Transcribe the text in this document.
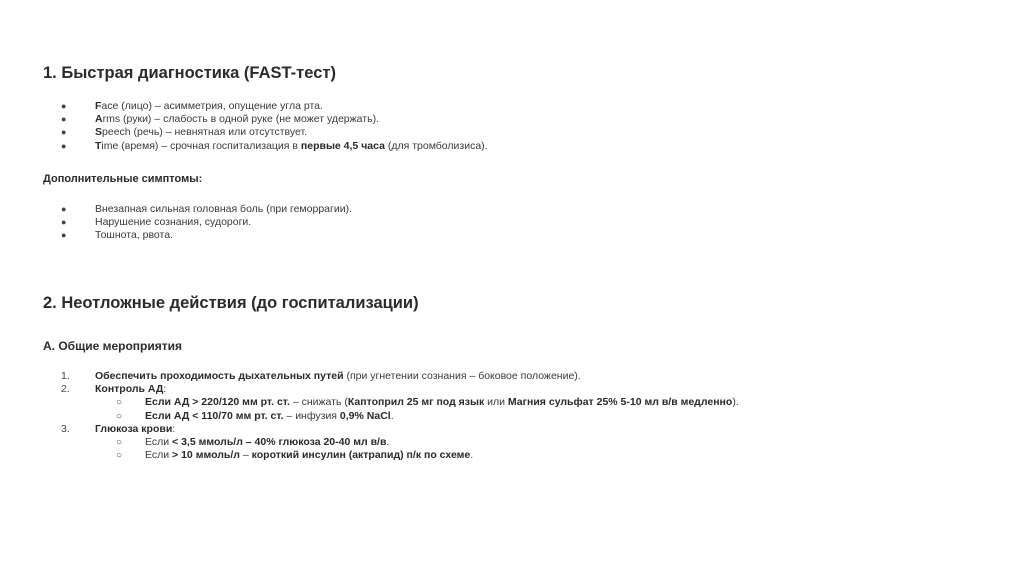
1. Быстрая диагностика (FAST-тест)
●	Face (лицо) – асимметрия, опущение угла рта.
●	Arms (руки) – слабость в одной руке (не может удержать).
●	Speech (речь) – невнятная или отсутствует.
●	Time (время) – срочная госпитализация в первые 4,5 часа (для тромболизиса).
Дополнительные симптомы:
●	Внезапная сильная головная боль (при геморрагии).
●	Нарушение сознания, судороги.
●	Тошнота, рвота.
2. Неотложные действия (до госпитализации)
А. Общие мероприятия
1. Обеспечить проходимость дыхательных путей (при угнетении сознания – боковое положение).
2. Контроль АД:
○ Если АД > 220/120 мм рт. ст. – снижать (Каптоприл 25 мг под язык или Магния сульфат 25% 5-10 мл в/в медленно).
○ Если АД < 110/70 мм рт. ст. – инфузия 0,9% NaCl.
3. Глюкоза крови:
○ Если < 3,5 ммоль/л – 40% глюкоза 20-40 мл в/в.
○ Если > 10 ммоль/л – короткий инсулин (актрапид) п/к по схеме.
